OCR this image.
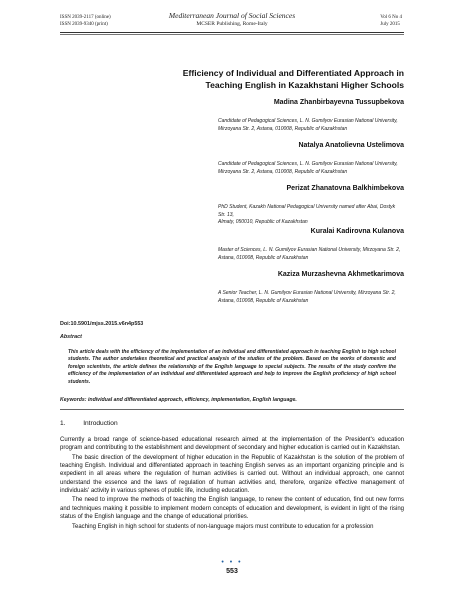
ISSN 2039-2117 (online)
ISSN 2039-9340 (print)
Mediterranean Journal of Social Sciences
MCSER Publishing, Rome-Italy
Vol 6 No 4
July 2015
Efficiency of Individual and Differentiated Approach in
Teaching English in Kazakhstani Higher Schools
Madina Zhanbirbayevna Tussupbekova
Candidate of Pedagogical Sciences, L. N. Gumilyov Eurasian National University,
Mirzoyana Str. 2, Astana, 010008, Republic of Kazakhstan
Natalya Anatolievna Ustelimova
Candidate of Pedagogical Sciences, L. N. Gumilyov Eurasian National University,
Mirzoyana Str. 2, Astana, 010008, Republic of Kazakhstan
Perizat Zhanatovna Balkhimbekova
PhD Student, Kazakh National Pedagogical University named after Abai, Dostyk Str. 13,
Almaty, 050010, Republic of Kazakhstan
Kuralai Kadirovna Kulanova
Master of Sciences, L. N. Gumilyov Eurasian National University, Mirzoyana Str. 2,
Astana, 010008, Republic of Kazakhstan
Kaziza Murzashevna Akhmetkarimova
A Senior Teacher, L. N. Gumilyov Eurasian National University, Mirzoyana Str. 2,
Astana, 010008, Republic of Kazakhstan
Doi:10.5901/mjss.2015.v6n4p553
Abstract
This article deals with the efficiency of the implementation of an individual and differentiated approach in teaching English to high school students. The author undertakes theoretical and practical analysis of the studies of the problem. Based on the works of domestic and foreign scientists, the article defines the relationship of the English language to special subjects. The results of the study confirm the efficiency of the implementation of an individual and differentiated approach and help to improve the English proficiency of high school students.
Keywords: individual and differentiated approach, efficiency, implementation, English language.
1.	Introduction

Currently a broad range of science-based educational research aimed at the implementation of the President's education program and contributing to the establishment and development of secondary and higher education is carried out in Kazakhstan.

The basic direction of the development of higher education in the Republic of Kazakhstan is the solution of the problem of teaching English. Individual and differentiated approach in teaching English serves as an important organizing principle and is expedient in all areas where the regulation of human activities is carried out. Without an individual approach, one cannot understand the essence and the laws of regulation of human activities and, therefore, organize effective management of individuals' activity in various spheres of public life, including education.

The need to improve the methods of teaching the English language, to renew the content of education, find out new forms and techniques making it possible to implement modern concepts of education and development, is evident in light of the rising status of the English language and the change of educational priorities.

Teaching English in high school for students of non-language majors must contribute to education for a profession

• • •
553
